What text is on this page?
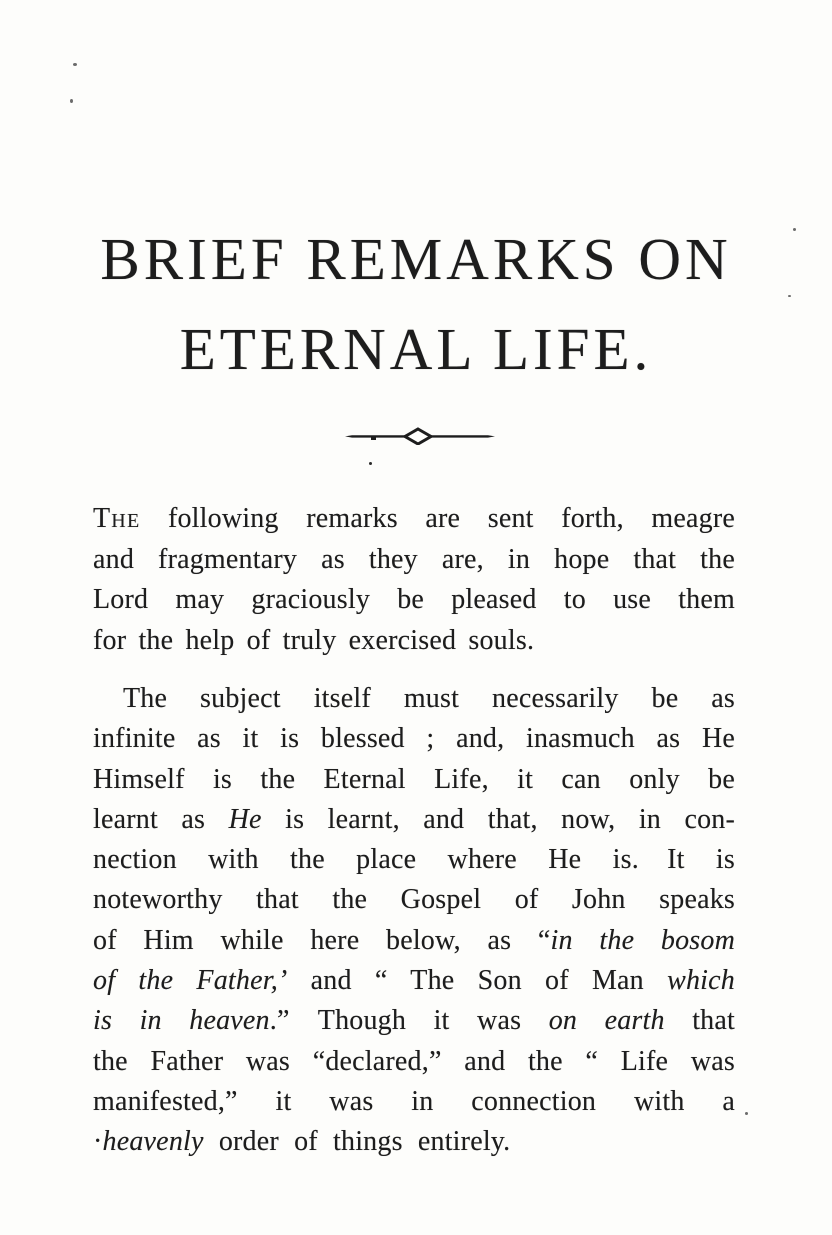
BRIEF REMARKS ON
ETERNAL LIFE.
The following remarks are sent forth, meagre
and fragmentary as they are, in hope that the
Lord may graciously be pleased to use them
for the help of truly exercised souls.
The subject itself must necessarily be as
infinite as it is blessed ; and, inasmuch as He
Himself is the Eternal Life, it can only be
learnt as He is learnt, and that, now, in con-
nection with the place where He is. It is
noteworthy that the Gospel of John speaks
of Him while here below, as “in the bosom
of the Father,’ and “ The Son of Man which
is in heaven.” Though it was on earth that
the Father was “declared,” and the “ Life was
manifested,” it was in connection with a
·heavenly order of things entirely.
